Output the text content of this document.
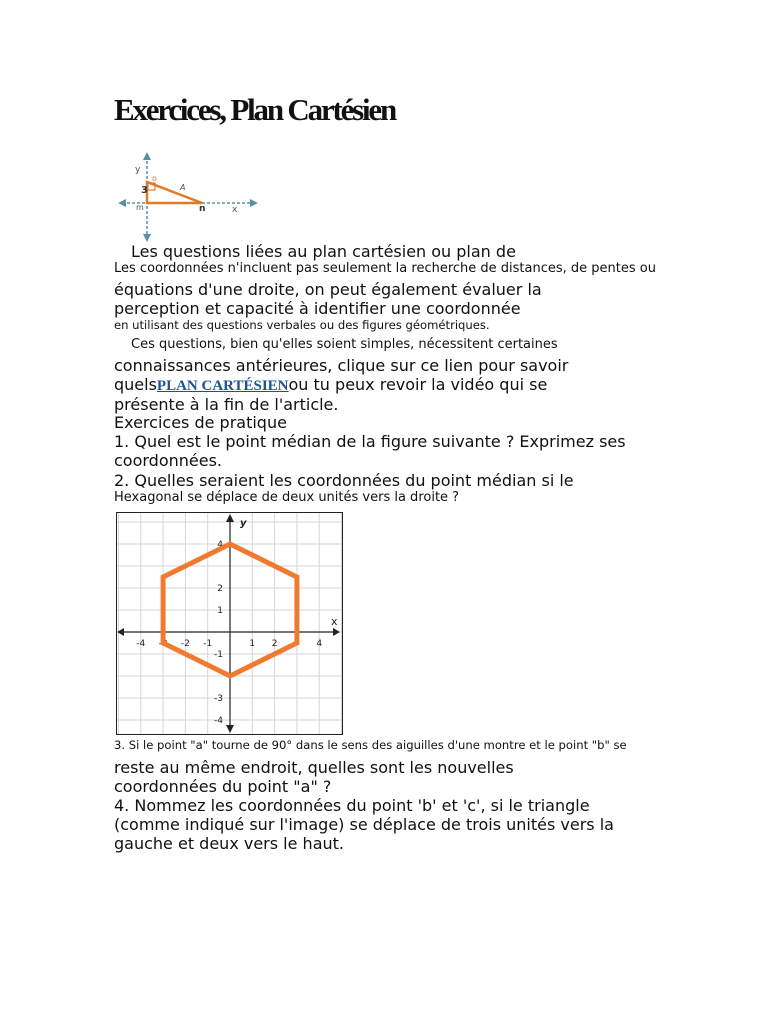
Exercices, Plan Cartésien
y
x
m	n
3
o
A

Les questions liées au plan cartésien ou plan de

Les coordonnées n'incluent pas seulement la recherche de distances, de pentes ou

équations d'une droite, on peut également évaluer la

perception et capacité à identifier une coordonnée

en utilisant des questions verbales ou des figures géométriques.

Ces questions, bien qu'elles soient simples, nécessitent certaines

connaissances antérieures, clique sur ce lien pour savoir

quelsPLAN CARTÉSIENou tu peux revoir la vidéo qui se

présente à la fin de l'article.

Exercices de pratique

1. Quel est le point médian de la figure suivante ? Exprimez ses

coordonnées.

2. Quelles seraient les coordonnées du point médian si le

Hexagonal se déplace de deux unités vers la droite ?

x
y
-4 -3 -2 -1	1 2	4
4
2
1
-1
-3
-4

3. Si le point "a" tourne de 90° dans le sens des aiguilles d'une montre et le point "b" se

reste au même endroit, quelles sont les nouvelles

coordonnées du point "a" ?

4. Nommez les coordonnées du point 'b' et 'c', si le triangle

(comme indiqué sur l'image) se déplace de trois unités vers la

gauche et deux vers le haut.
